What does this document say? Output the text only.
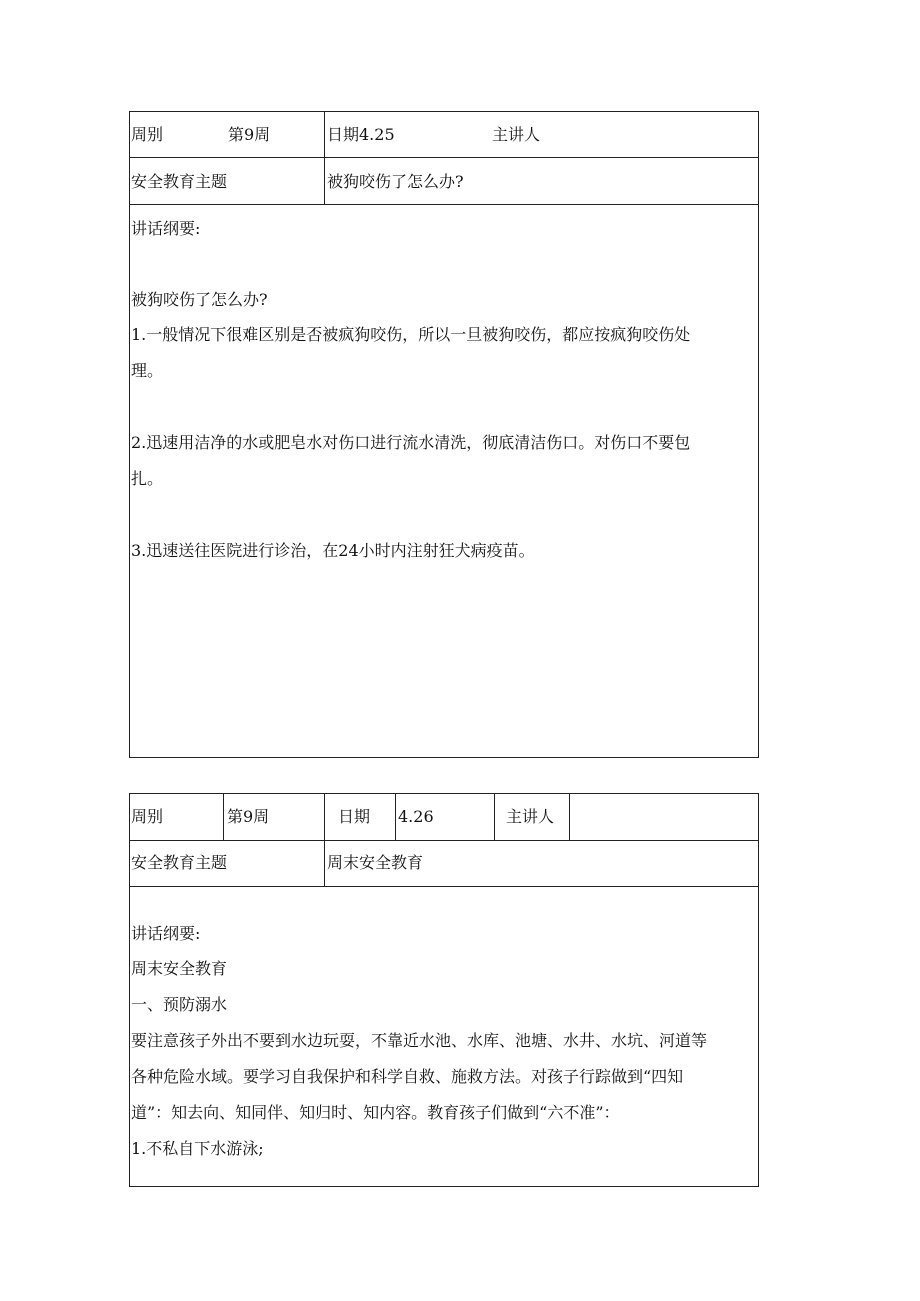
周别	第9周	日期4.25	主讲人
安全教育主题	被狗咬伤了怎么办?
讲话纲要:
被狗咬伤了怎么办?
1.一般情况下很难区别是否被疯狗咬伤，所以一旦被狗咬伤，都应按疯狗咬伤处
理。
2.迅速用洁净的水或肥皂水对伤口进行流水清洗，彻底清洁伤口。对伤口不要包
扎。
3.迅速送往医院进行诊治，在24小时内注射狂犬病疫苗。
周别	第9周	日期 4.26	主讲人
安全教育主题	周末安全教育
讲话纲要:
周末安全教育
一、预防溺水
要注意孩子外出不要到水边玩耍，不靠近水池、水库、池塘、水井、水坑、河道等
各种危险水域。要学习自我保护和科学自救、施救方法。对孩子行踪做到“四知
道”：知去向、知同伴、知归时、知内容。教育孩子们做到“六不准”：
1.不私自下水游泳;
